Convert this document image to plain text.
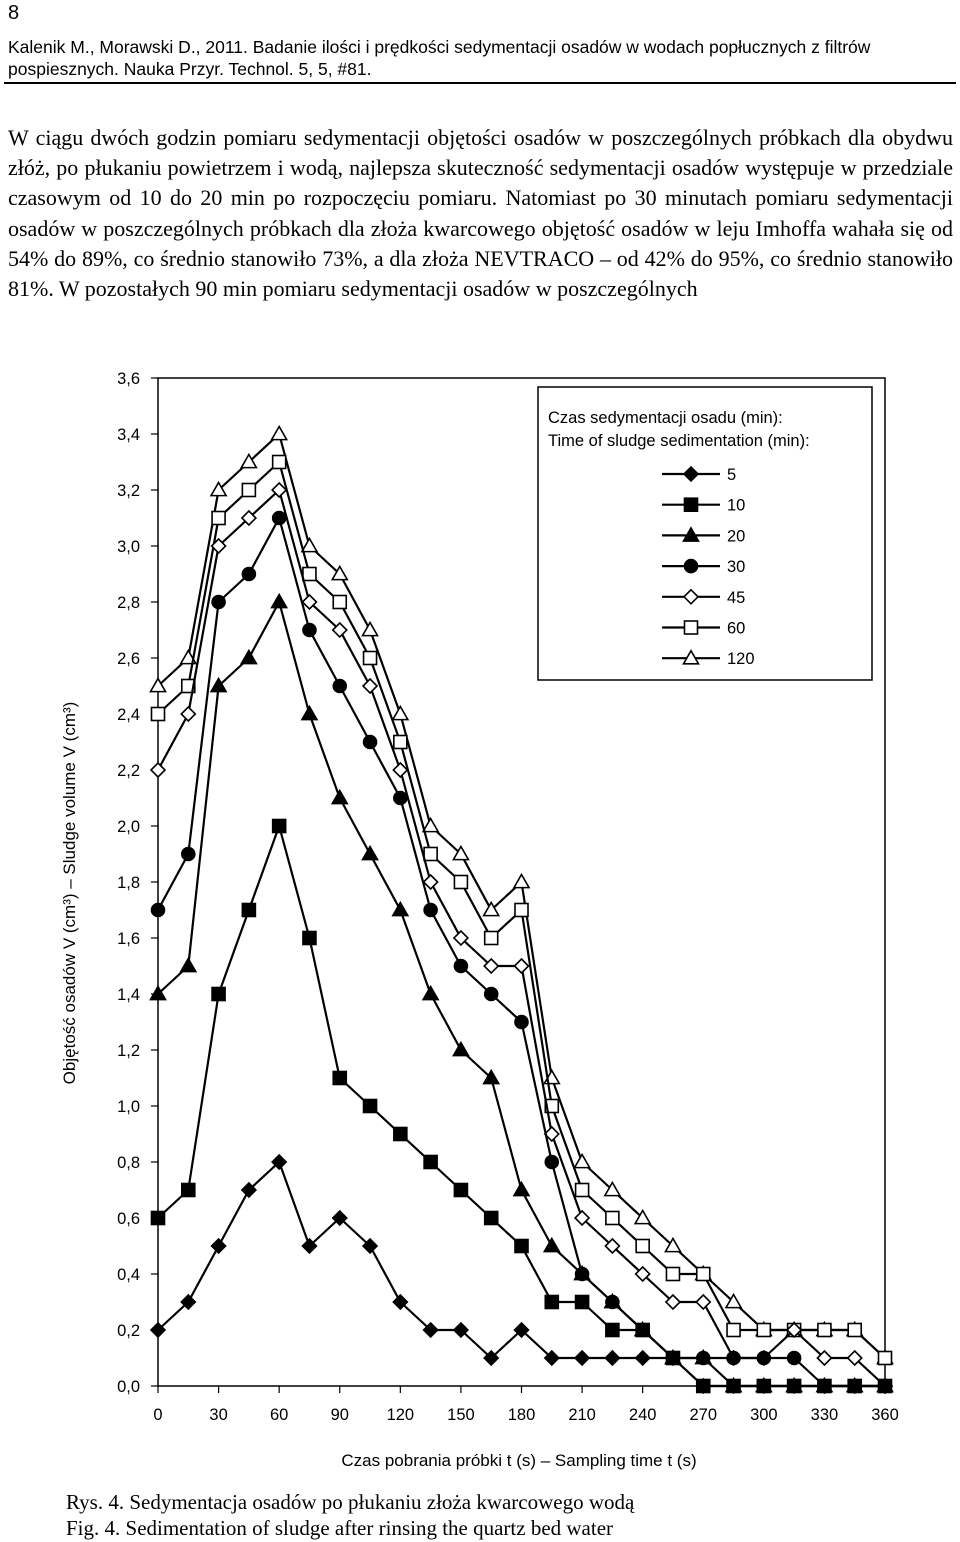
8
Kalenik M., Morawski D., 2011. Badanie ilości i prędkości sedymentacji osadów w wodach popłucznych z filtrów pospiesznych. Nauka Przyr. Technol. 5, 5, #81.

W ciągu dwóch godzin pomiaru sedymentacji objętości osadów w poszczególnych próbkach dla obydwu złóż, po płukaniu powietrzem i wodą, najlepsza skuteczność sedymentacji osadów występuje w przedziale czasowym od 10 do 20 min po rozpoczęciu pomiaru. Natomiast po 30 minutach pomiaru sedymentacji osadów w poszczególnych próbkach dla złoża kwarcowego objętość osadów w leju Imhoffa wahała się od 54% do 89%, co średnio stanowiło 73%, a dla złoża NEVTRACO – od 42% do 95%, co średnio stanowiło 81%. W pozostałych 90 min pomiaru sedymentacji osadów w poszczególnych

0,0
0,2
0,4
0,6
0,8
1,0
1,2
1,4
1,6
1,8
2,0
2,2
2,4
2,6
2,8
3,0
3,2
3,4
3,6
0	30	60	90 120 150 180 210 240 270 300 330 360
Objętość osadów V (cm³) – Sludge volume V (cm³)
Czas pobrania próbki t (s) – Sampling time t (s)
Czas sedymentacji osadu (min):
Time of sludge sedimentation (min):
5
10
20
30
45
60
120
Rys. 4. Sedymentacja osadów po płukaniu złoża kwarcowego wodą
Fig. 4. Sedimentation of sludge after rinsing the quartz bed water
